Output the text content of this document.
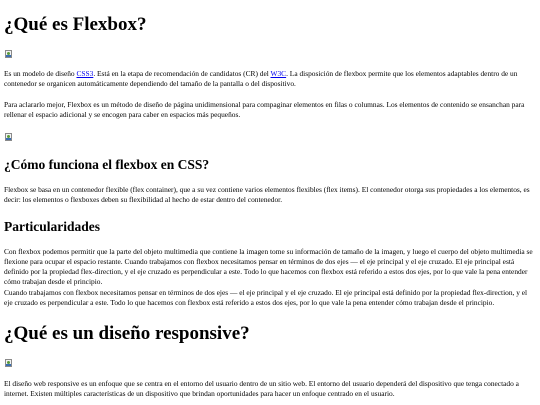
¿Qué es Flexbox?

Es un modelo de diseño CSS3. Está en la etapa de recomendación de candidatos (CR) del W3C. La disposición de flexbox permite que los elementos adaptables dentro de un contenedor se organicen automáticamente dependiendo del tamaño de la pantalla o del dispositivo.

Para aclararlo mejor, Flexbox es un método de diseño de página unidimensional para compaginar elementos en filas o columnas. Los elementos de contenido se ensanchan para rellenar el espacio adicional y se encogen para caber en espacios más pequeños.

¿Cómo funciona el flexbox en CSS?

Flexbox se basa en un contenedor flexible (flex container), que a su vez contiene varios elementos flexibles (flex items). El contenedor otorga sus propiedades a los elementos, es decir: los elementos o flexboxes deben su flexibilidad al hecho de estar dentro del contenedor.

Particularidades

Con flexbox podemos permitir que la parte del objeto multimedia que contiene la imagen tome su información de tamaño de la imagen, y luego el cuerpo del objeto multimedia se flexione para ocupar el espacio restante. Cuando trabajamos con flexbox necesitamos pensar en términos de dos ejes — el eje principal y el eje cruzado. El eje principal está definido por la propiedad flex-direction, y el eje cruzado es perpendicular a este. Todo lo que hacemos con flexbox está referido a estos dos ejes, por lo que vale la pena entender cómo trabajan desde el principio.

Cuando trabajamos con flexbox necesitamos pensar en términos de dos ejes — el eje principal y el eje cruzado. El eje principal está definido por la propiedad flex-direction, y el eje cruzado es perpendicular a este. Todo lo que hacemos con flexbox está referido a estos dos ejes, por lo que vale la pena entender cómo trabajan desde el principio.

¿Qué es un diseño responsive?

El diseño web responsive es un enfoque que se centra en el entorno del usuario dentro de un sitio web. El entorno del usuario dependerá del dispositivo que tenga conectado a internet. Existen múltiples características de un dispositivo que brindan oportunidades para hacer un enfoque centrado en el usuario.
